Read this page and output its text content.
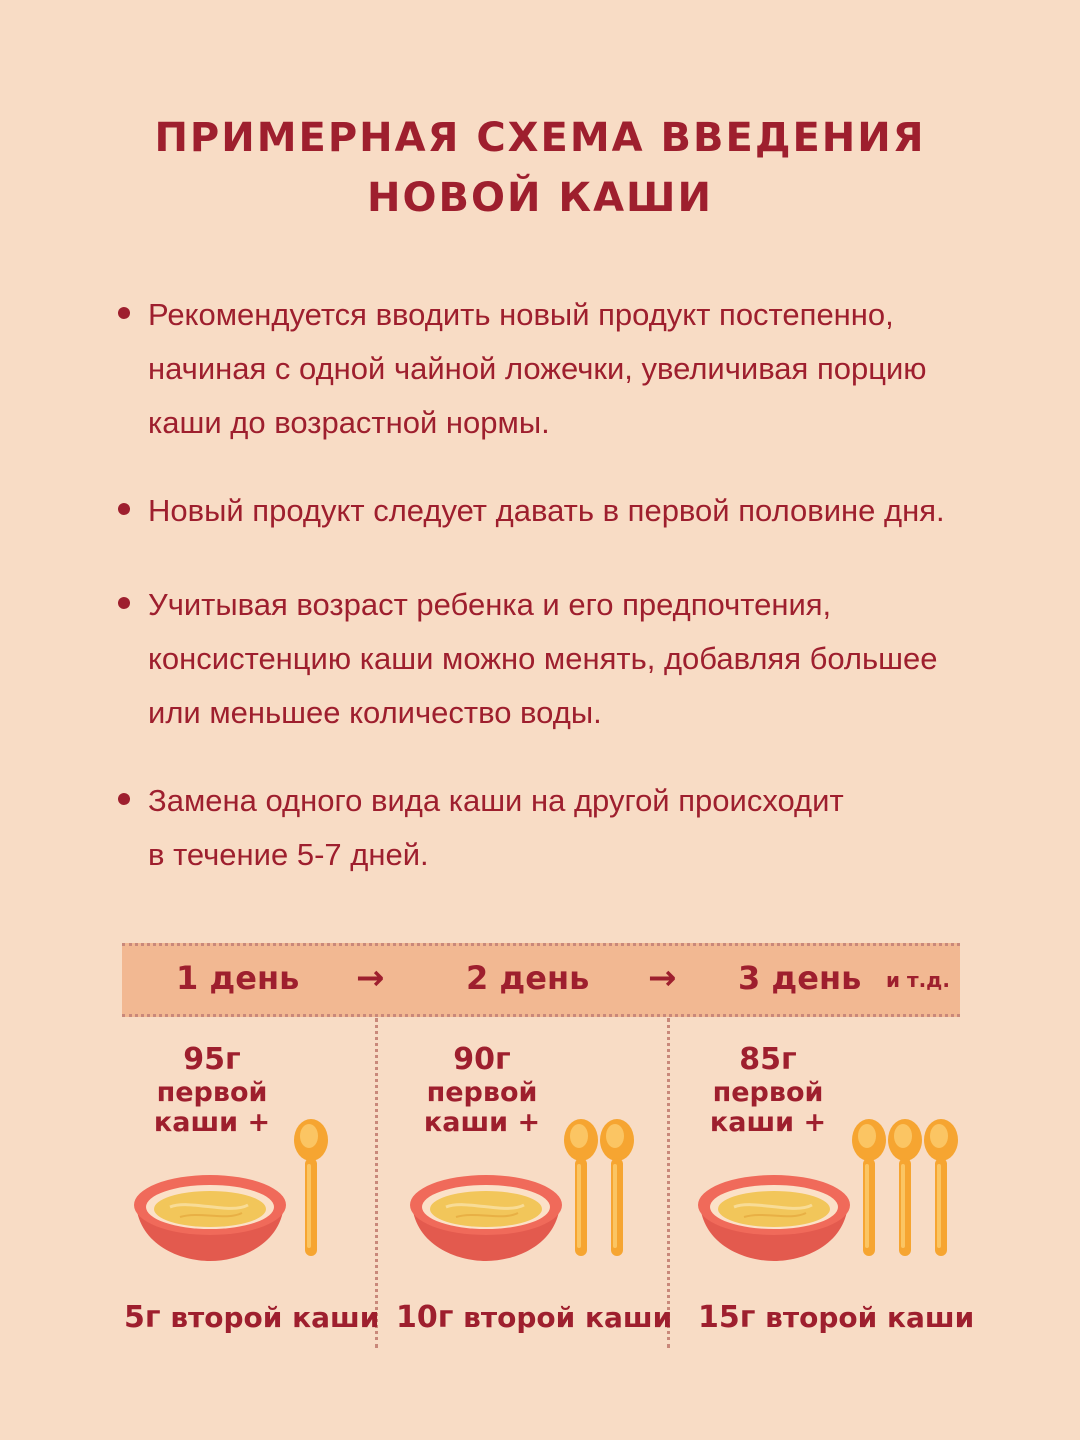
ПРИМЕРНАЯ СХЕМА ВВЕДЕНИЯ
НОВОЙ КАШИ
Рекомендуется вводить новый продукт постепенно,
начиная с одной чайной ложечки, увеличивая порцию
каши до возрастной нормы.
Новый продукт следует давать в первой половине дня.
Учитывая возраст ребенка и его предпочтения,
консистенцию каши можно менять, добавляя большее
или меньшее количество воды.
Замена одного вида каши на другой происходит
в течение 5-7 дней.
1 день →	2 день → 3 день и т.д.
95г
первой
каши +
5г второй каши
90г
первой
каши +
10г второй каши
85г
первой
каши +
15г второй каши
